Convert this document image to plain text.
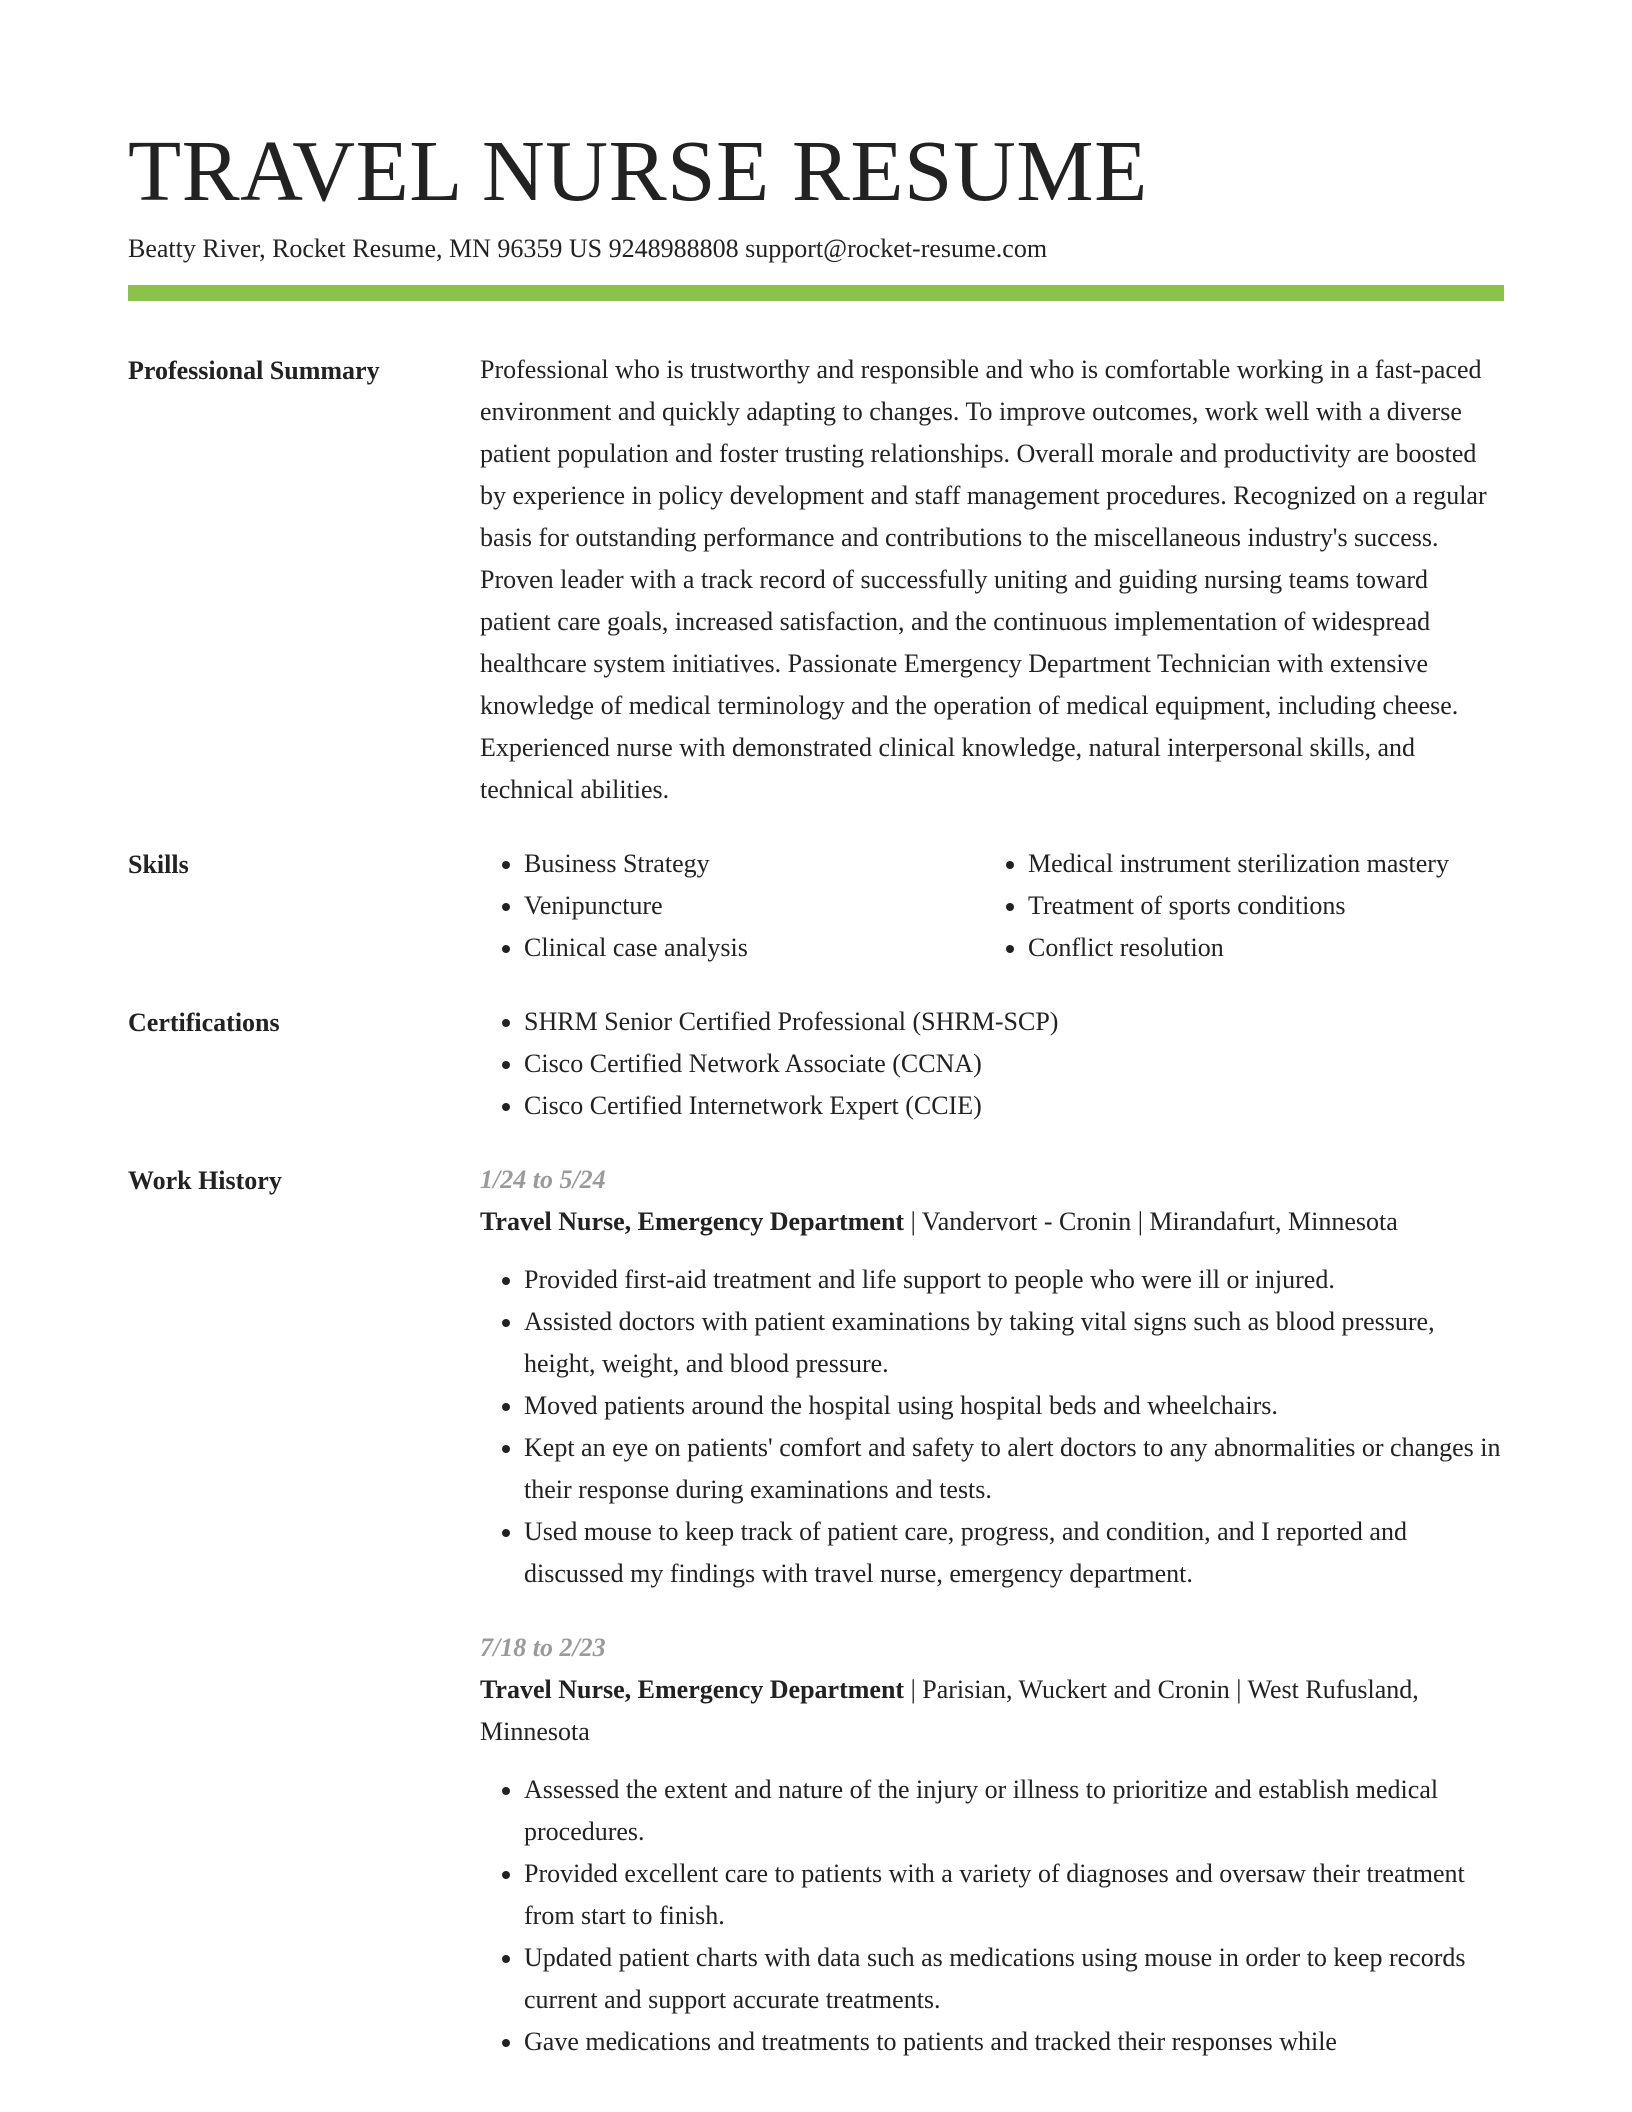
TRAVEL NURSE RESUME
Beatty River, Rocket Resume, MN 96359 US 9248988808 support@rocket-resume.com
Professional Summary	Professional who is trustworthy and responsible and who is comfortable working in a fast-paced environment and quickly adapting to changes. To improve outcomes, work well with a diverse patient population and foster trusting relationships. Overall morale and productivity are boosted by experience in policy development and staff management procedures. Recognized on a regular basis for outstanding performance and contributions to the miscellaneous industry's success. Proven leader with a track record of successfully uniting and guiding nursing teams toward patient care goals, increased satisfaction, and the continuous implementation of widespread healthcare system initiatives. Passionate Emergency Department Technician with extensive knowledge of medical terminology and the operation of medical equipment, including cheese. Experienced nurse with demonstrated clinical knowledge, natural interpersonal skills, and technical abilities.

Skills	• Business Strategy
• Venipuncture
• Clinical case analysis
• Medical instrument sterilization mastery
• Treatment of sports conditions
• Conflict resolution
Certifications	• SHRM Senior Certified Professional (SHRM-SCP)
• Cisco Certified Network Associate (CCNA)
• Cisco Certified Internetwork Expert (CCIE)
Work History	1/24 to 5/24
Travel Nurse, Emergency Department | Vandervort - Cronin | Mirandafurt, Minnesota
• Provided first-aid treatment and life support to people who were ill or injured.
• Assisted doctors with patient examinations by taking vital signs such as blood pressure, height, weight, and blood pressure.
• Moved patients around the hospital using hospital beds and wheelchairs.
• Kept an eye on patients' comfort and safety to alert doctors to any abnormalities or changes in their response during examinations and tests.
• Used mouse to keep track of patient care, progress, and condition, and I reported and discussed my findings with travel nurse, emergency department.
7/18 to 2/23
Travel Nurse, Emergency Department | Parisian, Wuckert and Cronin | West Rufusland, Minnesota
• Assessed the extent and nature of the injury or illness to prioritize and establish medical procedures.
• Provided excellent care to patients with a variety of diagnoses and oversaw their treatment from start to finish.
• Updated patient charts with data such as medications using mouse in order to keep records current and support accurate treatments.
• Gave medications and treatments to patients and tracked their responses while
